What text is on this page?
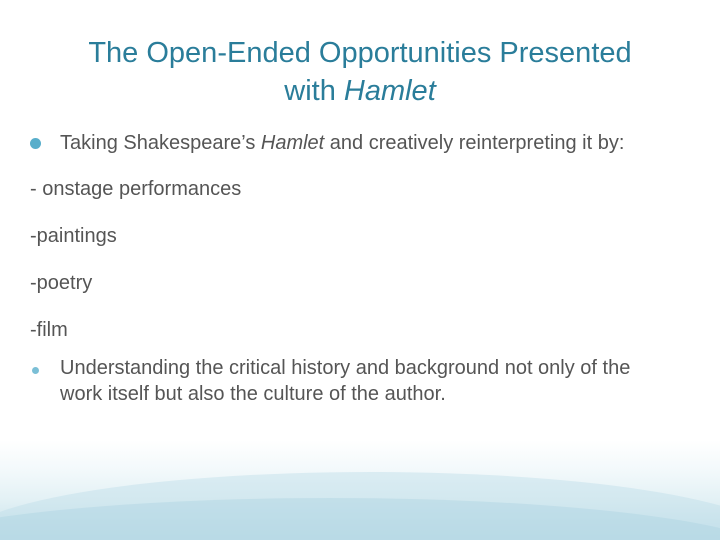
The Open-Ended Opportunities Presented
with Hamlet
Taking Shakespeare’s Hamlet and creatively reinterpreting it by:

- onstage performances

-paintings

-poetry

-film

Understanding the critical history and background not only of the work itself but also the culture of the author.
